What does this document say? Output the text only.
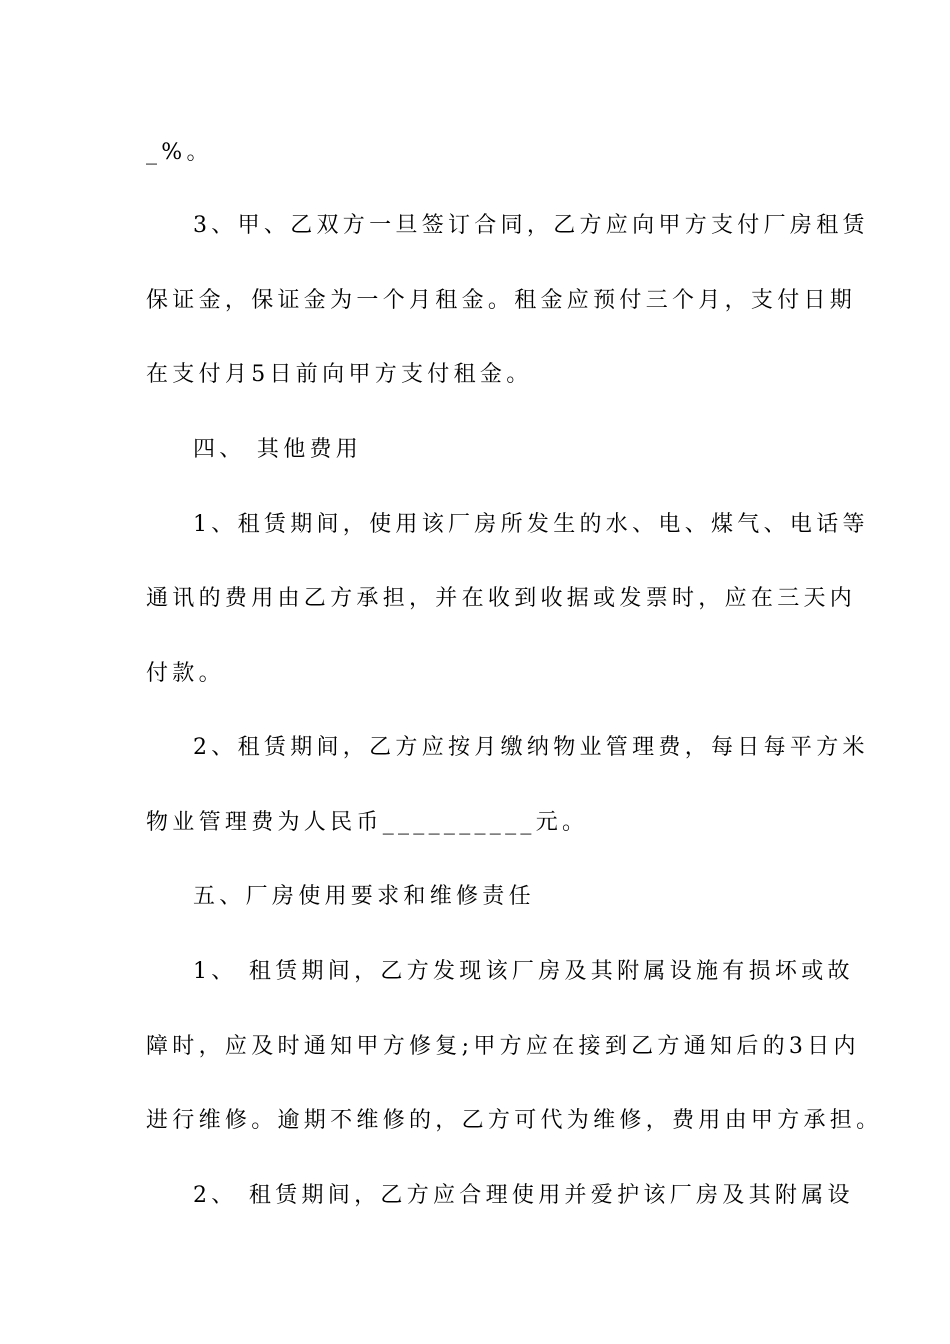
_%。
3、甲、乙双方一旦签订合同，乙方应向甲方支付厂房租赁
保证金，保证金为一个月租金。租金应预付三个月，支付日期
在支付月5日前向甲方支付租金。
四、 其他费用
1、租赁期间，使用该厂房所发生的水、电、煤气、电话等
通讯的费用由乙方承担，并在收到收据或发票时，应在三天内
付款。
2、租赁期间，乙方应按月缴纳物业管理费，每日每平方米
物业管理费为人民币__________元。
五、厂房使用要求和维修责任
1、 租赁期间，乙方发现该厂房及其附属设施有损坏或故
障时，应及时通知甲方修复;甲方应在接到乙方通知后的3日内
进行维修。逾期不维修的，乙方可代为维修，费用由甲方承担。
2、 租赁期间，乙方应合理使用并爱护该厂房及其附属设
